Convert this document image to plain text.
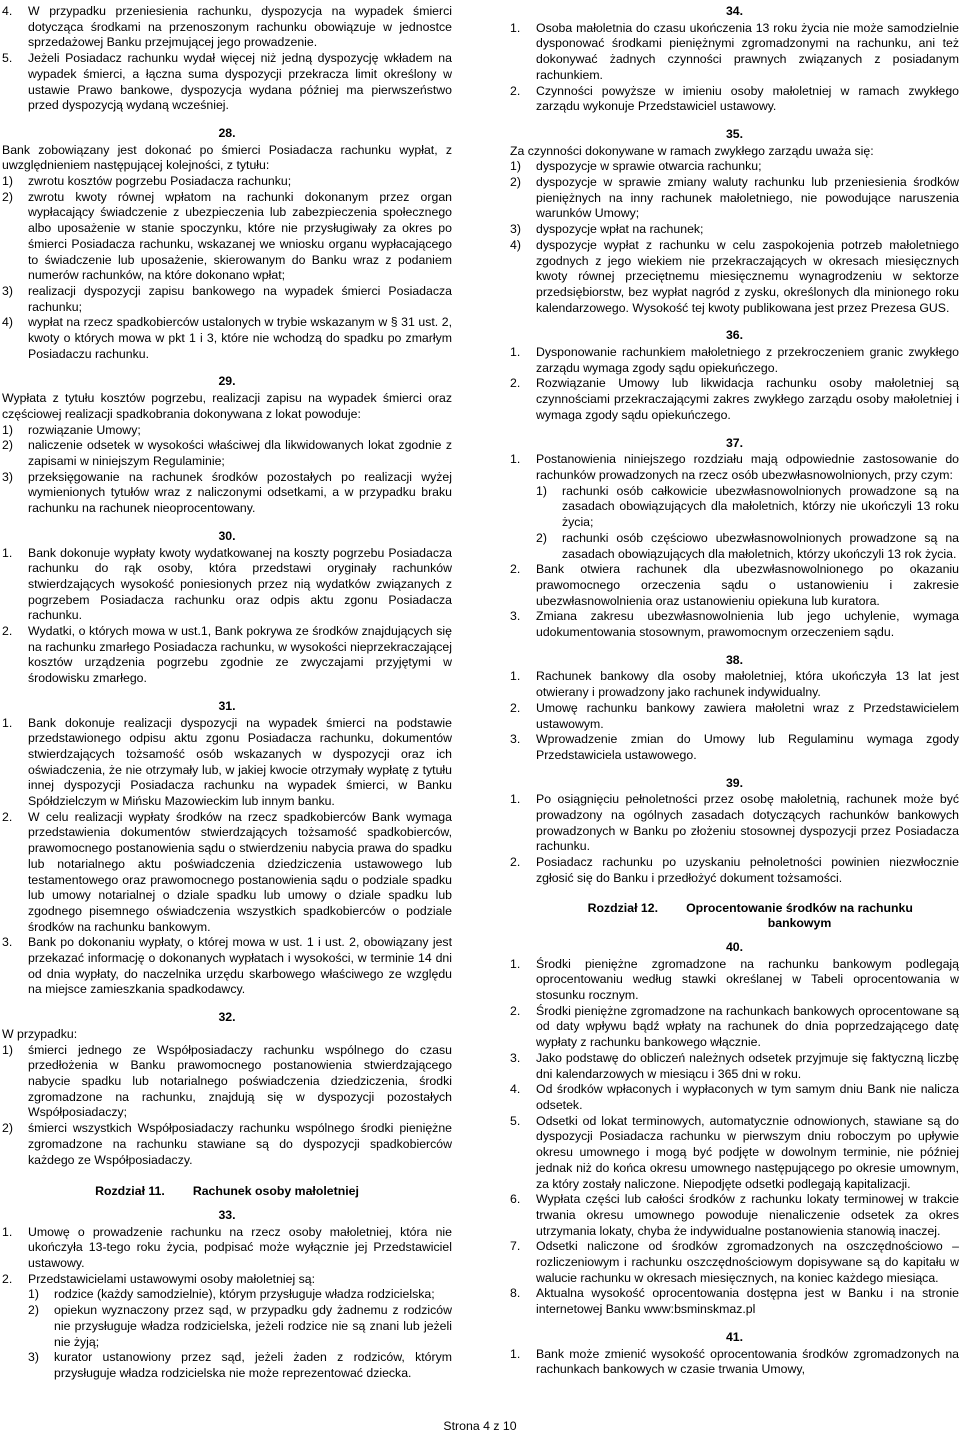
4.	W przypadku przeniesienia rachunku, dyspozycja na wypadek śmierci dotycząca środkami na przenoszonym rachunku obowiązuje w jednostce sprzedażowej Banku przejmującej jego prowadzenie.
5.	Jeżeli Posiadacz rachunku wydał więcej niż jedną dyspozycję wkładem na wypadek śmierci, a łączna suma dyspozycji przekracza limit określony w ustawie Prawo bankowe, dyspozycja wydana później ma pierwszeństwo przed dyspozycją wydaną wcześniej.
28.

Bank zobowiązany jest dokonać po śmierci Posiadacza rachunku wypłat, z uwzględnieniem następującej kolejności, z tytułu:

1)	zwrotu kosztów pogrzebu Posiadacza rachunku;
2)	zwrotu kwoty równej wpłatom na rachunki dokonanym przez organ wypłacający świadczenie z ubezpieczenia lub zabezpieczenia społecznego albo uposażenie w stanie spoczynku, które nie przysługiwały za okres po śmierci Posiadacza rachunku, wskazanej we wniosku organu wypłacającego to świadczenie lub uposażenie, skierowanym do Banku wraz z podaniem numerów rachunków, na które dokonano wpłat;
3)	realizacji dyspozycji zapisu bankowego na wypadek śmierci Posiadacza rachunku;
4)	wypłat na rzecz spadkobierców ustalonych w trybie wskazanym w § 31 ust. 2, kwoty o których mowa w pkt 1 i 3, które nie wchodzą do spadku po zmarłym Posiadaczu rachunku.
29.

Wypłata z tytułu kosztów pogrzebu, realizacji zapisu na wypadek śmierci oraz częściowej realizacji spadkobrania dokonywana z lokat powoduje:

1)	rozwiązanie Umowy;
2)	naliczenie odsetek w wysokości właściwej dla likwidowanych lokat zgodnie z zapisami w niniejszym Regulaminie;
3)	przeksięgowanie na rachunek środków pozostałych po realizacji wyżej wymienionych tytułów wraz z naliczonymi odsetkami, a w przypadku braku rachunku na rachunek nieoprocentowany.
30.
1.	Bank dokonuje wypłaty kwoty wydatkowanej na koszty pogrzebu Posiadacza rachunku do rąk osoby, która przedstawi oryginały rachunków stwierdzających wysokość poniesionych przez nią wydatków związanych z pogrzebem Posiadacza rachunku oraz odpis aktu zgonu Posiadacza rachunku.
2.	Wydatki, o których mowa w ust.1, Bank pokrywa ze środków znajdujących się na rachunku zmarłego Posiadacza rachunku, w wysokości nieprzekraczającej kosztów urządzenia pogrzebu zgodnie ze zwyczajami przyjętymi w środowisku zmarłego.
31.
1.	Bank dokonuje realizacji dyspozycji na wypadek śmierci na podstawie przedstawionego odpisu aktu zgonu Posiadacza rachunku, dokumentów stwierdzających tożsamość osób wskazanych w dyspozycji oraz ich oświadczenia, że nie otrzymały lub, w jakiej kwocie otrzymały wypłatę z tytułu innej dyspozycji Posiadacza rachunku na wypadek śmierci, w Banku Spółdzielczym w Mińsku Mazowieckim lub innym banku.
2.	W celu realizacji wypłaty środków na rzecz spadkobierców Bank wymaga przedstawienia dokumentów stwierdzających tożsamość spadkobierców, prawomocnego postanowienia sądu o stwierdzeniu nabycia prawa do spadku lub notarialnego aktu poświadczenia dziedziczenia ustawowego lub testamentowego oraz prawomocnego postanowienia sądu o podziale spadku lub umowy notarialnej o dziale spadku lub umowy o dziale spadku lub zgodnego pisemnego oświadczenia wszystkich spadkobierców o podziale środków na rachunku bankowym.
3.	Bank po dokonaniu wypłaty, o której mowa w ust. 1 i ust. 2, obowiązany jest przekazać informację o dokonanych wypłatach i wysokości, w terminie 14 dni od dnia wypłaty, do naczelnika urzędu skarbowego właściwego ze względu na miejsce zamieszkania spadkodawcy.
32.

W przypadku:

1)	śmierci jednego ze Współposiadaczy rachunku wspólnego do czasu przedłożenia w Banku prawomocnego postanowienia stwierdzającego nabycie spadku lub notarialnego poświadczenia dziedziczenia, środki zgromadzone na rachunku, znajdują się w dyspozycji pozostałych Współposiadaczy;
2)	śmierci wszystkich Współposiadaczy rachunku wspólnego środki pieniężne zgromadzone na rachunku stawiane są do dyspozycji spadkobierców każdego ze Współposiadaczy.
Rozdział 11. Rachunek osoby małoletniej
33.
1.	Umowę o prowadzenie rachunku na rzecz osoby małoletniej, która nie ukończyła 13-tego roku życia, podpisać może wyłącznie jej Przedstawiciel ustawowy.
2.	Przedstawicielami ustawowymi osoby małoletniej są:
1)	rodzice (każdy samodzielnie), którym przysługuje władza rodzicielska;
2)	opiekun wyznaczony przez sąd, w przypadku gdy żadnemu z rodziców nie przysługuje władza rodzicielska, jeżeli rodzice nie są znani lub jeżeli nie żyją;
3)	kurator ustanowiony przez sąd, jeżeli żaden z rodziców, którym przysługuje władza rodzicielska nie może reprezentować dziecka.
34.
1.	Osoba małoletnia do czasu ukończenia 13 roku życia nie może samodzielnie dysponować środkami pieniężnymi zgromadzonymi na rachunku, ani też dokonywać żadnych czynności prawnych związanych z posiadanym rachunkiem.
2.	Czynności powyższe w imieniu osoby małoletniej w ramach zwykłego zarządu wykonuje Przedstawiciel ustawowy.
35.

Za czynności dokonywane w ramach zwykłego zarządu uważa się:

1)	dyspozycje w sprawie otwarcia rachunku;
2)	dyspozycje w sprawie zmiany waluty rachunku lub przeniesienia środków pieniężnych na inny rachunek małoletniego, nie powodujące naruszenia warunków Umowy;
3)	dyspozycje wpłat na rachunek;
4)	dyspozycje wypłat z rachunku w celu zaspokojenia potrzeb małoletniego zgodnych z jego wiekiem nie przekraczających w okresach miesięcznych kwoty równej przeciętnemu miesięcznemu wynagrodzeniu w sektorze przedsiębiorstw, bez wypłat nagród z zysku, określonych dla minionego roku kalendarzowego. Wysokość tej kwoty publikowana jest przez Prezesa GUS.
36.
1.	Dysponowanie rachunkiem małoletniego z przekroczeniem granic zwykłego zarządu wymaga zgody sądu opiekuńczego.
2.	Rozwiązanie Umowy lub likwidacja rachunku osoby małoletniej są czynnościami przekraczającymi zakres zwykłego zarządu osoby małoletniej i wymaga zgody sądu opiekuńczego.
37.
1.	Postanowienia niniejszego rozdziału mają odpowiednie zastosowanie do rachunków prowadzonych na rzecz osób ubezwłasnowolnionych, przy czym:
1)	rachunki osób całkowicie ubezwłasnowolnionych prowadzone są na zasadach obowiązujących dla małoletnich, którzy nie ukończyli 13 roku życia;
2)	rachunki osób częściowo ubezwłasnowolnionych prowadzone są na zasadach obowiązujących dla małoletnich, którzy ukończyli 13 rok życia.
2.	Bank otwiera rachunek dla ubezwłasnowolnionego po okazaniu prawomocnego orzeczenia sądu o ustanowieniu i zakresie ubezwłasnowolnienia oraz ustanowieniu opiekuna lub kuratora.
3.	Zmiana zakresu ubezwłasnowolnienia lub jego uchylenie, wymaga udokumentowania stosownym, prawomocnym orzeczeniem sądu.
38.
1.	Rachunek bankowy dla osoby małoletniej, która ukończyła 13 lat jest otwierany i prowadzony jako rachunek indywidualny.
2.	Umowę rachunku bankowy zawiera małoletni wraz z Przedstawicielem ustawowym.
3.	Wprowadzenie zmian do Umowy lub Regulaminu wymaga zgody Przedstawiciela ustawowego.
39.
1.	Po osiągnięciu pełnoletności przez osobę małoletnią, rachunek może być prowadzony na ogólnych zasadach dotyczących rachunków bankowych prowadzonych w Banku po złożeniu stosownej dyspozycji przez Posiadacza rachunku.
2.	Posiadacz rachunku po uzyskaniu pełnoletności powinien niezwłocznie zgłosić się do Banku i przedłożyć dokument tożsamości.
Rozdział 12.	Oprocentowanie środków na rachunku bankowym
40.
1.	Środki pieniężne zgromadzone na rachunku bankowym podlegają oprocentowaniu według stawki określanej w Tabeli oprocentowania w stosunku rocznym.
2.	Środki pieniężne zgromadzone na rachunkach bankowych oprocentowane są od daty wpływu bądź wpłaty na rachunek do dnia poprzedzającego datę wypłaty z rachunku bankowego włącznie.
3.	Jako podstawę do obliczeń należnych odsetek przyjmuje się faktyczną liczbę dni kalendarzowych w miesiącu i 365 dni w roku.
4.	Od środków wpłaconych i wypłaconych w tym samym dniu Bank nie nalicza odsetek.
5.	Odsetki od lokat terminowych, automatycznie odnowionych, stawiane są do dyspozycji Posiadacza rachunku w pierwszym dniu roboczym po upływie okresu umownego i mogą być podjęte w dowolnym terminie, nie później jednak niż do końca okresu umownego następującego po okresie umownym, za który zostały naliczone. Niepodjęte odsetki podlegają kapitalizacji.
6.	Wypłata części lub całości środków z rachunku lokaty terminowej w trakcie trwania okresu umownego powoduje nienaliczenie odsetek za okres utrzymania lokaty, chyba że indywidualne postanowienia stanowią inaczej.
7.	Odsetki naliczone od środków zgromadzonych na oszczędnościowo – rozliczeniowym i rachunku oszczędnościowym dopisywane są do kapitału w walucie rachunku w okresach miesięcznych, na koniec każdego miesiąca.
8.	Aktualna wysokość oprocentowania dostępna jest w Banku i na stronie internetowej Banku www:bsminskmaz.pl
41.
1.	Bank może zmienić wysokość oprocentowania środków zgromadzonych na rachunkach bankowych w czasie trwania Umowy,
Strona 4 z 10
